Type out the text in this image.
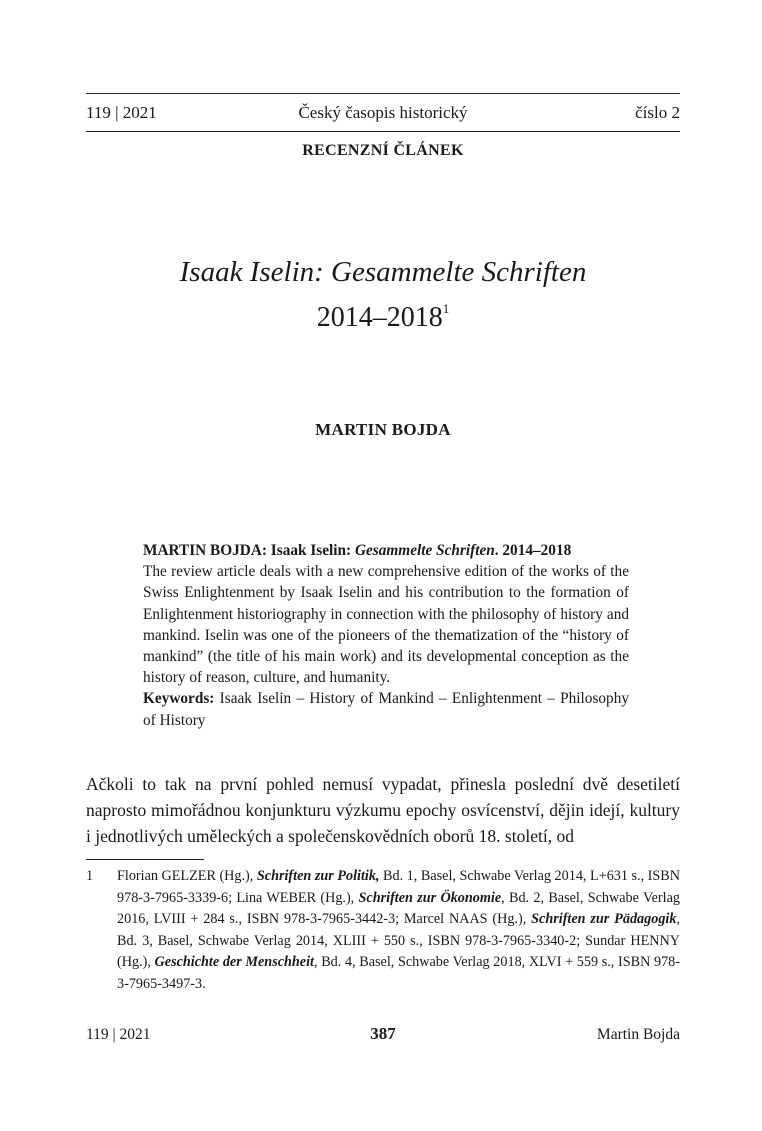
119 | 2021	Český časopis historický	číslo 2
RECENZNÍ ČLÁNEK
Isaak Iselin: Gesammelte Schriften
2014–2018$^1$
MARTIN BOJDA

MARTIN BOJDA: Isaak Iselin: Gesammelte Schriften. 2014–2018

The review article deals with a new comprehensive edition of the works of the Swiss Enlightenment by Isaak Iselin and his contribution to the formation of Enlightenment historiography in connection with the philosophy of history and mankind. Iselin was one of the pioneers of the thematization of the “history of mankind” (the title of his main work) and its developmental conception as the history of reason, culture, and humanity.

Keywords: Isaak Iselin – History of Mankind – Enlightenment – Philosophy of History

Ačkoli to tak na první pohled nemusí vypadat, přinesla poslední dvě desetiletí naprosto mimořádnou konjunkturu výzkumu epochy osvícenství, dějin idejí, kultury i jednotlivých uměleckých a společenskovědních oborů 18. století, od

1 Florian GELZER (Hg.), Schriften zur Politik, Bd. 1, Basel, Schwabe Verlag 2014, L+631 s., ISBN 978-3-7965-3339-6; Lina WEBER (Hg.), Schriften zur Ökonomie, Bd. 2, Basel, Schwabe Verlag 2016, LVIII + 284 s., ISBN 978-3-7965-3442-3; Marcel NAAS (Hg.), Schriften zur Pädagogik, Bd. 3, Basel, Schwabe Verlag 2014, XLIII + 550 s., ISBN 978-3-7965-3340-2; Sundar HENNY (Hg.), Geschichte der Menschheit, Bd. 4, Basel, Schwabe Verlag 2018, XLVI + 559 s., ISBN 978-3-7965-3497-3.
119 | 2021	387	Martin Bojda
